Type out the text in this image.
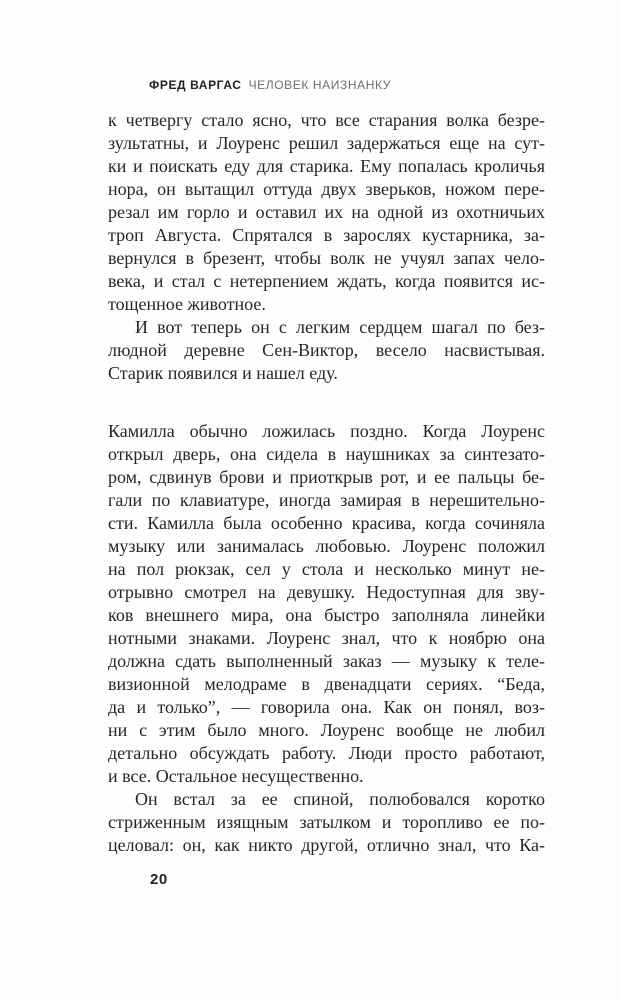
ФРЕД ВАРГАС ЧЕЛОВЕК НАИЗНАНКУ
к четвергу стало ясно, что все старания волка безре-
зультатны, и Лоуренс решил задержаться еще на сут-
ки и поискать еду для старика. Ему попалась кроличья
нора, он вытащил оттуда двух зверьков, ножом пере-
резал им горло и оставил их на одной из охотничьих
троп Августа. Спрятался в зарослях кустарника, за-
вернулся в брезент, чтобы волк не учуял запах чело-
века, и стал с нетерпением ждать, когда появится ис-
тощенное животное.
И вот теперь он с легким сердцем шагал по без-
людной деревне Сен-Виктор, весело насвистывая.
Старик появился и нашел еду.
Камилла обычно ложилась поздно. Когда Лоуренс
открыл дверь, она сидела в наушниках за синтезато-
ром, сдвинув брови и приоткрыв рот, и ее пальцы бе-
гали по клавиатуре, иногда замирая в нерешительно-
сти. Камилла была особенно красива, когда сочиняла
музыку или занималась любовью. Лоуренс положил
на пол рюкзак, сел у стола и несколько минут не-
отрывно смотрел на девушку. Недоступная для зву-
ков внешнего мира, она быстро заполняла линейки
нотными знаками. Лоуренс знал, что к ноябрю она
должна сдать выполненный заказ — музыку к теле-
визионной мелодраме в двенадцати сериях. “Беда,
да и только”, — говорила она. Как он понял, воз-
ни с этим было много. Лоуренс вообще не любил
детально обсуждать работу. Люди просто работают,
и все. Остальное несущественно.
Он встал за ее спиной, полюбовался коротко
стриженным изящным затылком и торопливо ее по-
целовал: он, как никто другой, отлично знал, что Ка-
20
